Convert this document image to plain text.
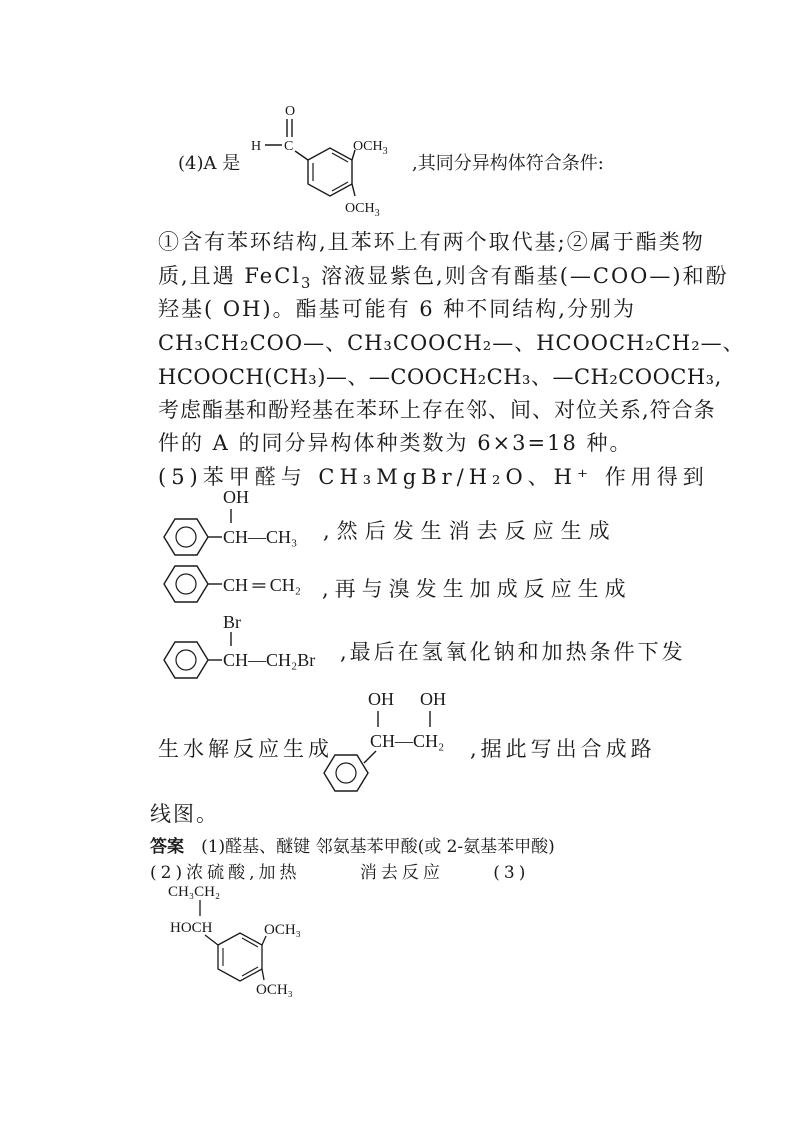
(4)A 是
O
H C	$OCH_3$
$OCH_3$
,其同分异构体符合条件:
①含有苯环结构,且苯环上有两个取代基;②属于酯类物
质,且遇 FeCl$_3$ 溶液显紫色,则含有酯基(—COO—)和酚
羟基( OH)。酯基可能有 6 种不同结构,分别为
CH₃CH₂COO—、CH₃COOCH₂—、HCOOCH₂CH₂—、
HCOOCH(CH₃)—、—COOCH₂CH₃、—CH₂COOCH₃,
考虑酯基和酚羟基在苯环上存在邻、间、对位关系,符合条
件的 A 的同分异构体种类数为 6×3=18 种。
(5)苯甲醛与 CH₃MgBr/H₂O、H⁺ 作用得到
OH
CH—CH₃ ,然后发生消去反应生成
CH ═ CH₂ ,再与溴发生加成反应生成
Br
CH—CH₂Br ,最后在氢氧化钠和加热条件下发
生水解反应生成
OH OH
CH—CH₂ ,据此写出合成路
线图。
答案 (1)醛基、醚键 邻氨基苯甲酸(或 2-氨基苯甲酸)
(2)浓硫酸,加热	消去反应	(3)
CH₃CH₂
HOCH	OCH₃
OCH₃
